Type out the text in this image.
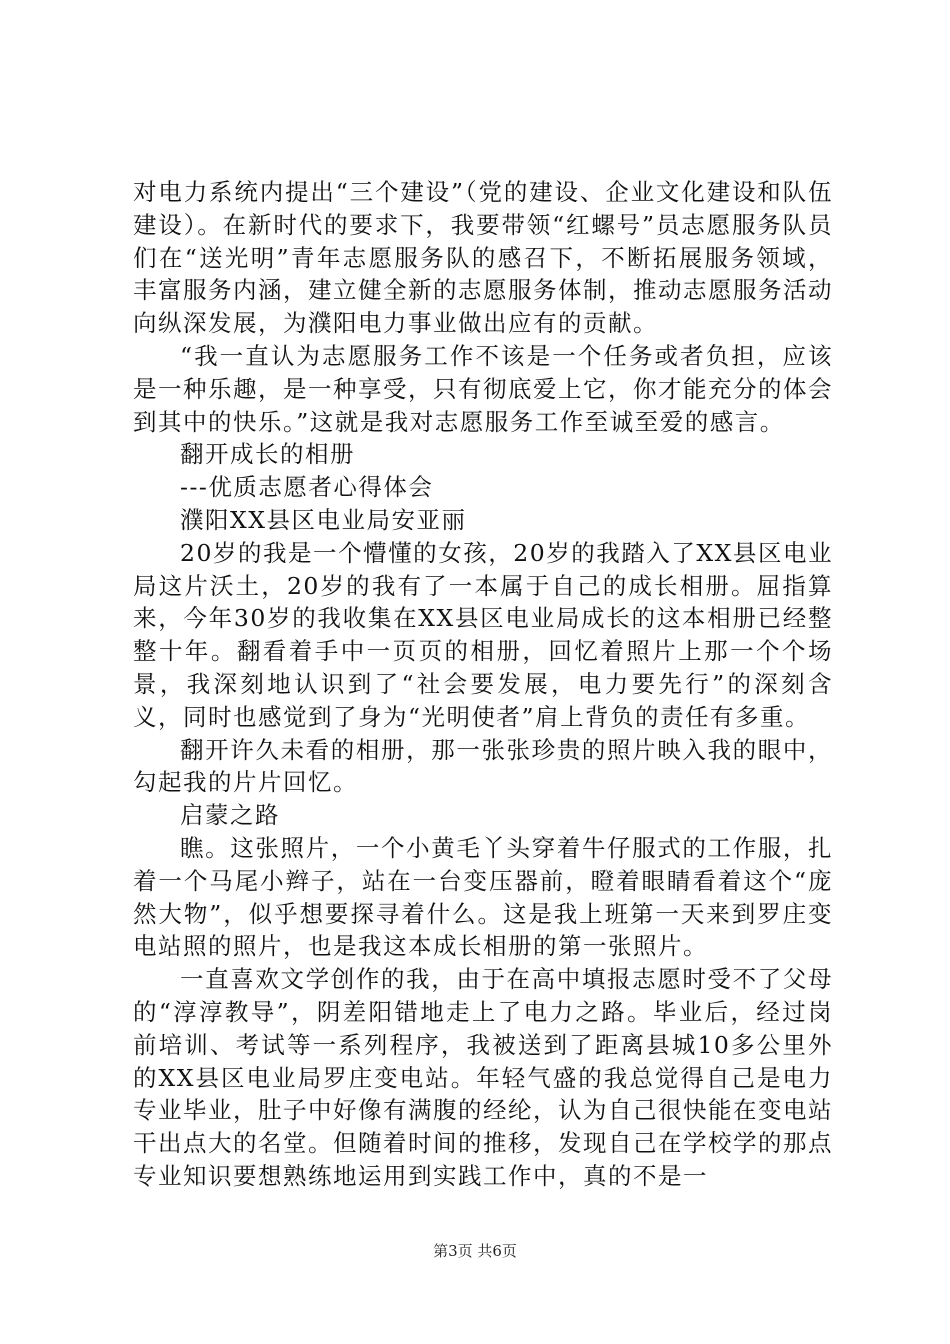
对电力系统内提出“三个建设”（党的建设、企业文化建设和队伍建设）。在新时代的要求下，我要带领“红螺号”员志愿服务队员们在“送光明”青年志愿服务队的感召下，不断拓展服务领域，丰富服务内涵，建立健全新的志愿服务体制，推动志愿服务活动向纵深发展，为濮阳电力事业做出应有的贡献。

“我一直认为志愿服务工作不该是一个任务或者负担，应该是一种乐趣，是一种享受，只有彻底爱上它，你才能充分的体会到其中的快乐。”这就是我对志愿服务工作至诚至爱的感言。

翻开成长的相册

---优质志愿者心得体会

濮阳XX县区电业局安亚丽

20岁的我是一个懵懂的女孩，20岁的我踏入了XX县区电业局这片沃土，20岁的我有了一本属于自己的成长相册。屈指算来，今年30岁的我收集在XX县区电业局成长的这本相册已经整整十年。翻看着手中一页页的相册，回忆着照片上那一个个场景，我深刻地认识到了“社会要发展，电力要先行”的深刻含义，同时也感觉到了身为“光明使者”肩上背负的责任有多重。

翻开许久未看的相册，那一张张珍贵的照片映入我的眼中，勾起我的片片回忆。

启蒙之路

瞧。这张照片，一个小黄毛丫头穿着牛仔服式的工作服，扎着一个马尾小辫子，站在一台变压器前，瞪着眼睛看着这个“庞然大物”，似乎想要探寻着什么。这是我上班第一天来到罗庄变电站照的照片，也是我这本成长相册的第一张照片。

一直喜欢文学创作的我，由于在高中填报志愿时受不了父母的“淳淳教导”，阴差阳错地走上了电力之路。毕业后，经过岗前培训、考试等一系列程序，我被送到了距离县城10多公里外的XX县区电业局罗庄变电站。年轻气盛的我总觉得自己是电力专业毕业，肚子中好像有满腹的经纶，认为自己很快能在变电站干出点大的名堂。但随着时间的推移，发现自己在学校学的那点专业知识要想熟练地运用到实践工作中，真的不是一

第3页 共6页
